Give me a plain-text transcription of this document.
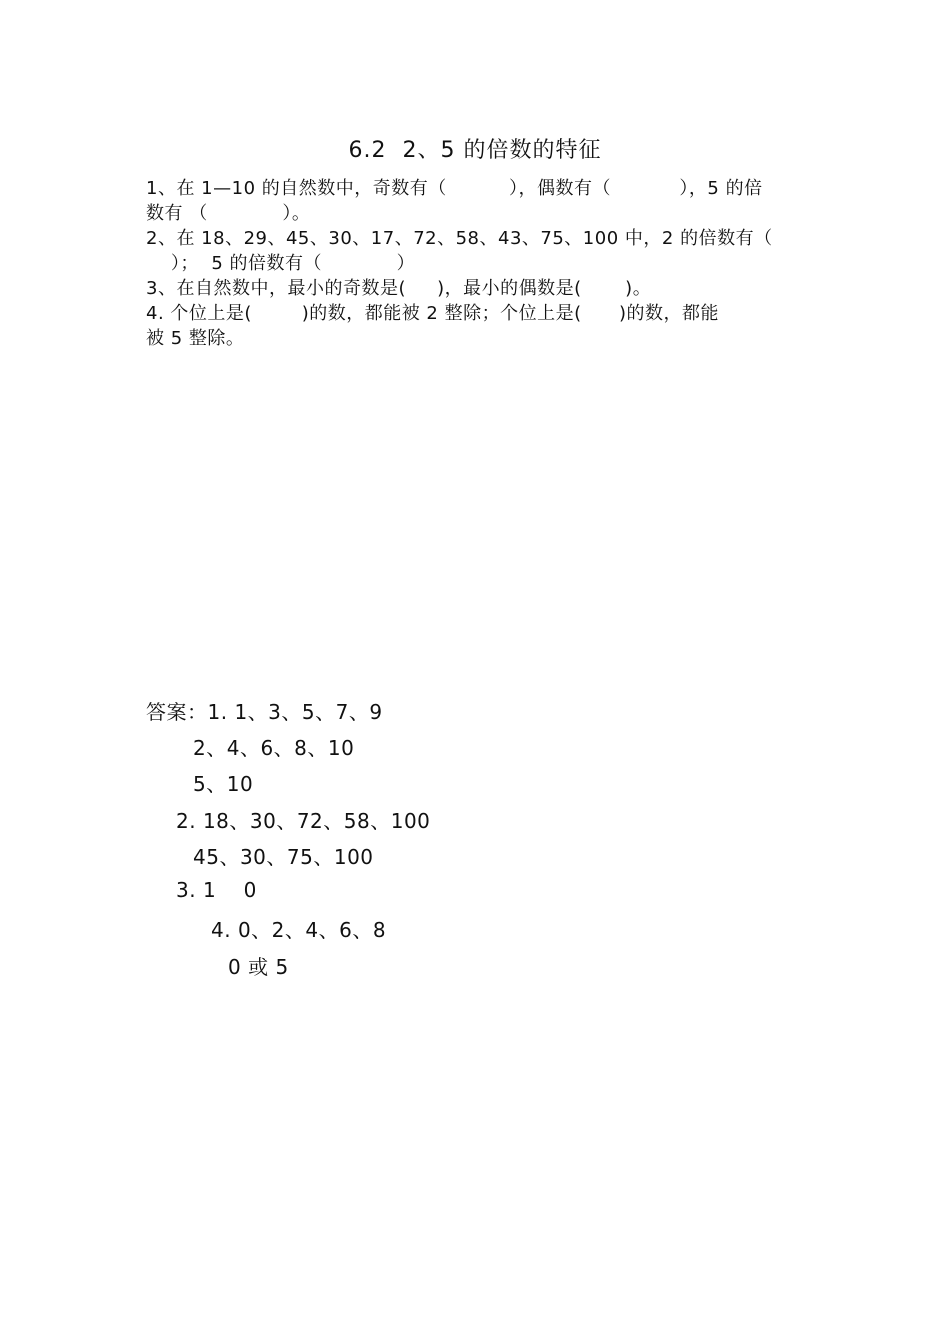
6.2  2、5 的倍数的特征
1、在 1—10 的自然数中，奇数有（          ），偶数有（           ），5 的倍
数有 （            ）。
2、在 18、29、45、30、17、72、58、43、75、100 中，2 的倍数有（
）；  5 的倍数有（            ）
3、在自然数中，最小的奇数是(     )，最小的偶数是(       )。
4. 个位上是(        )的数，都能被 2 整除；个位上是(      )的数，都能
被 5 整除。
答案：1. 1、3、5、7、9
2、4、6、8、10
5、10
2. 18、30、72、58、100
45、30、75、100
3. 1    0
4. 0、2、4、6、8
0 或 5
